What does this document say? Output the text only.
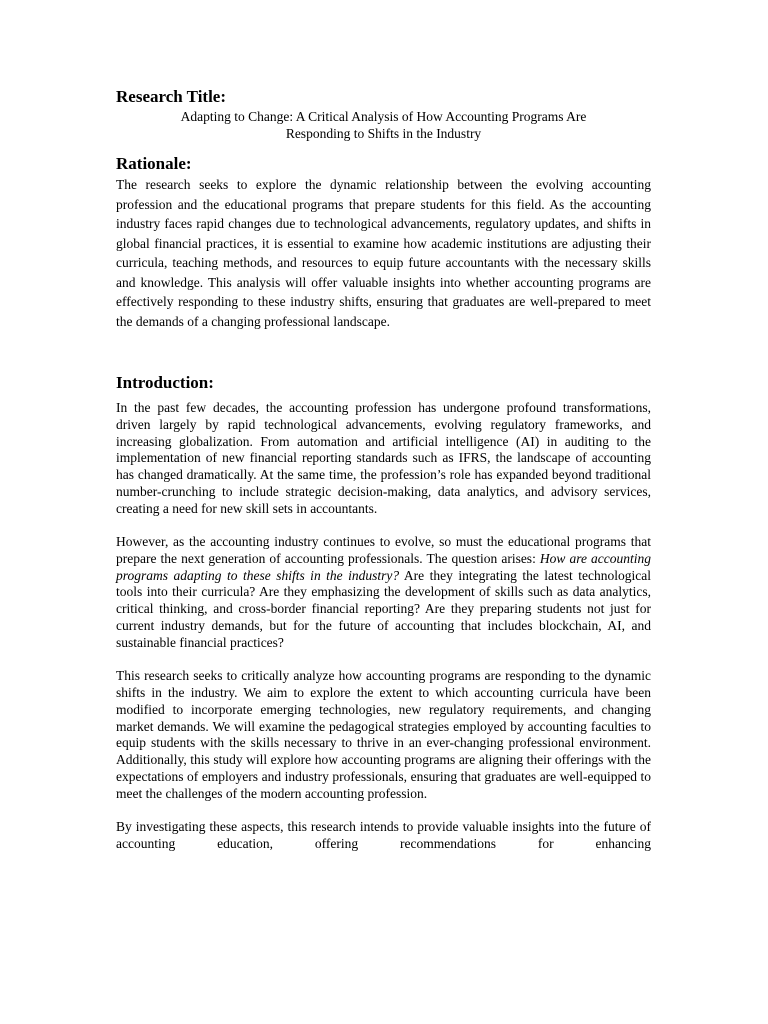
Research Title:

Adapting to Change: A Critical Analysis of How Accounting Programs Are
Responding to Shifts in the Industry

Rationale:

The research seeks to explore the dynamic relationship between the evolving accounting profession and the educational programs that prepare students for this field. As the accounting industry faces rapid changes due to technological advancements, regulatory updates, and shifts in global financial practices, it is essential to examine how academic institutions are adjusting their curricula, teaching methods, and resources to equip future accountants with the necessary skills and knowledge. This analysis will offer valuable insights into whether accounting programs are effectively responding to these industry shifts, ensuring that graduates are well-prepared to meet the demands of a changing professional landscape.

Introduction:

In the past few decades, the accounting profession has undergone profound transformations, driven largely by rapid technological advancements, evolving regulatory frameworks, and increasing globalization. From automation and artificial intelligence (AI) in auditing to the implementation of new financial reporting standards such as IFRS, the landscape of accounting has changed dramatically. At the same time, the profession’s role has expanded beyond traditional number-crunching to include strategic decision-making, data analytics, and advisory services, creating a need for new skill sets in accountants.

However, as the accounting industry continues to evolve, so must the educational programs that prepare the next generation of accounting professionals. The question arises: How are accounting programs adapting to these shifts in the industry? Are they integrating the latest technological tools into their curricula? Are they emphasizing the development of skills such as data analytics, critical thinking, and cross-border financial reporting? Are they preparing students not just for current industry demands, but for the future of accounting that includes blockchain, AI, and sustainable financial practices?

This research seeks to critically analyze how accounting programs are responding to the dynamic shifts in the industry. We aim to explore the extent to which accounting curricula have been modified to incorporate emerging technologies, new regulatory requirements, and changing market demands. We will examine the pedagogical strategies employed by accounting faculties to equip students with the skills necessary to thrive in an ever-changing professional environment. Additionally, this study will explore how accounting programs are aligning their offerings with the expectations of employers and industry professionals, ensuring that graduates are well-equipped to meet the challenges of the modern accounting profession.

By investigating these aspects, this research intends to provide valuable insights into the future of accounting education, offering recommendations for enhancing
